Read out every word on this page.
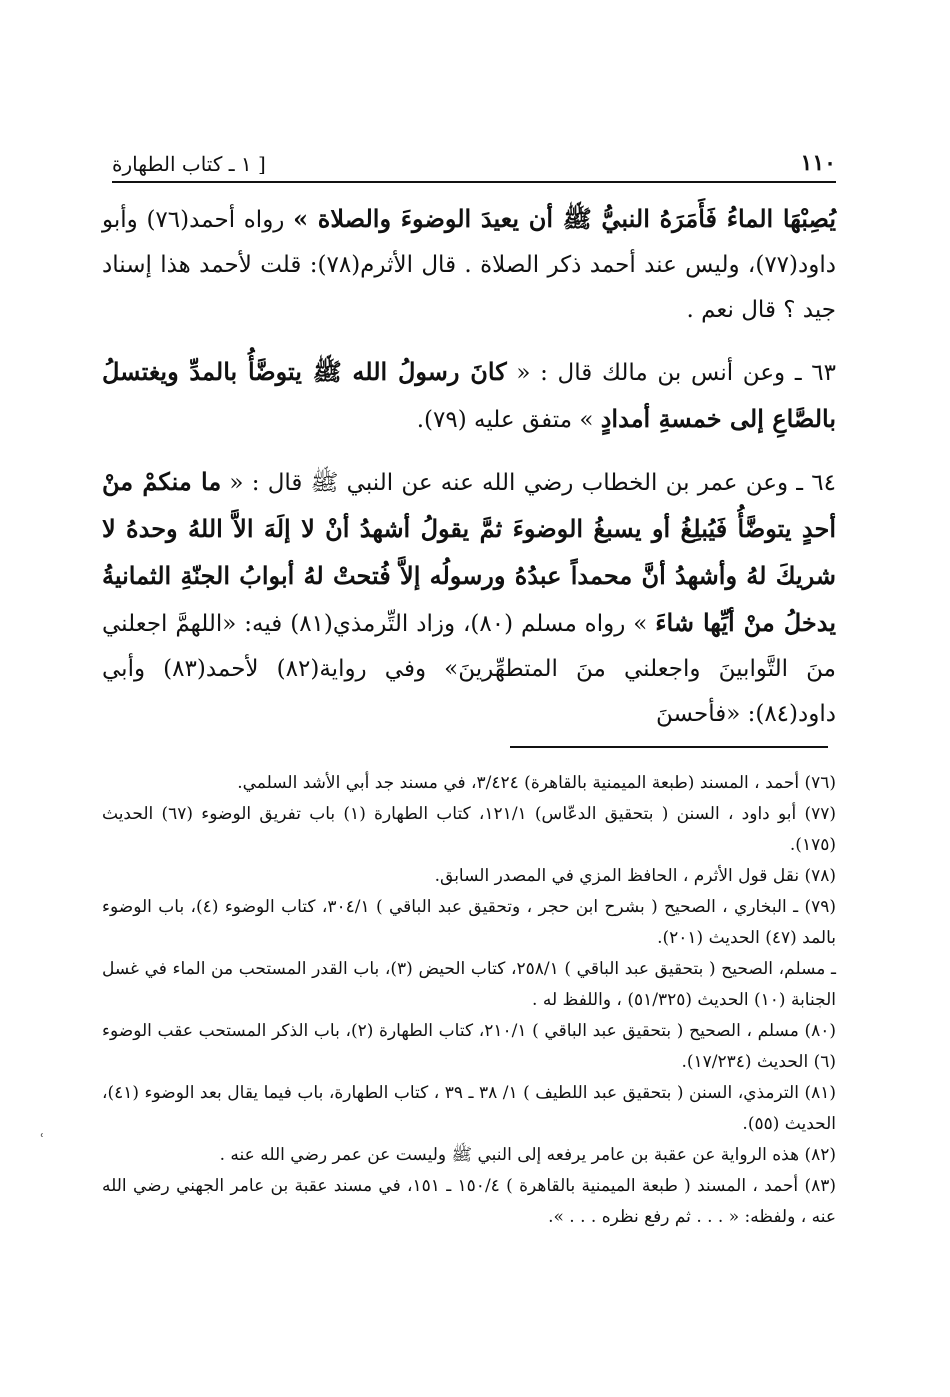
١١٠
[ ١ ـ كتاب الطهارة

يُصِبْهَا الماءُ فَأَمَرَهُ النبيُّ ﷺ أن يعيدَ الوضوءَ والصلاة » رواه أحمد(٧٦) وأبو داود(٧٧)، وليس عند أحمد ذكر الصلاة . قال الأثرم(٧٨): قلت لأحمد هذا إسناد جيد ؟ قال نعم .

٦٣ ـ وعن أنس بن مالك قال : « كانَ رسولُ الله ﷺ يتوضَّأُ بالمدِّ ويغتسلُ بالصَّاعِ إلى خمسةِ أمدادٍ » متفق عليه (٧٩).

٦٤ ـ وعن عمر بن الخطاب رضي الله عنه عن النبي ﷺ قال : « ما منكمْ منْ أحدٍ يتوضَّأُ فَيُبلِغُ أو يسبغُ الوضوءَ ثمَّ يقولُ أشهدُ أنْ لا إلَهَ الاَّ اللهُ وحدهُ لا شريكَ لهُ وأشهدُ أنَّ محمداً عبدُهُ ورسولُه إلاَّ فُتحتْ لهُ أبوابُ الجنّةِ الثمانيةُ يدخلُ منْ أيِّها شاءَ » رواه مسلم (٨٠)، وزاد التِّرمذي(٨١) فيه: «اللهمَّ اجعلني منَ التَّوابينَ واجعلني منَ المتطهِّرينَ» وفي رواية(٨٢) لأحمد(٨٣) وأبي داود(٨٤): «فأحسنَ

(٧٦) أحمد ، المسند (طبعة الميمنية بالقاهرة) ٣/٤٢٤، في مسند جد أبي الأشد السلمي.

(٧٧) أبو داود ، السنن ( بتحقيق الدعّاس) ١٢١/١، كتاب الطهارة (١) باب تفريق الوضوء (٦٧) الحديث (١٧٥).

(٧٨) نقل قول الأثرم ، الحافظ المزي في المصدر السابق.

(٧٩) ـ البخاري ، الصحيح ( بشرح ابن حجر ، وتحقيق عبد الباقي ) ٣٠٤/١، كتاب الوضوء (٤)، باب الوضوء بالمد (٤٧) الحديث (٢٠١).

ـ مسلم، الصحيح ( بتحقيق عبد الباقي ) ٢٥٨/١، كتاب الحيض (٣)، باب القدر المستحب من الماء في غسل الجنابة (١٠) الحديث (٥١/٣٢٥) ، واللفظ له .

(٨٠) مسلم ، الصحيح ( بتحقيق عبد الباقي ) ٢١٠/١، كتاب الطهارة (٢)، باب الذكر المستحب عقب الوضوء (٦) الحديث (١٧/٢٣٤).

(٨١) الترمذي، السنن ( بتحقيق عبد اللطيف ) ١/ ٣٨ ـ ٣٩ ، كتاب الطهارة، باب فيما يقال بعد الوضوء (٤١)، الحديث (٥٥).

(٨٢) هذه الرواية عن عقبة بن عامر يرفعه إلى النبي ﷺ وليست عن عمر رضي الله عنه .

(٨٣) أحمد ، المسند ( طبعة الميمنية بالقاهرة ) ١٥٠/٤ ـ ١٥١، في مسند عقبة بن عامر الجهني رضي الله عنه ، ولفظه: « . . . ثم رفع نظره . . . ».

ʿ
